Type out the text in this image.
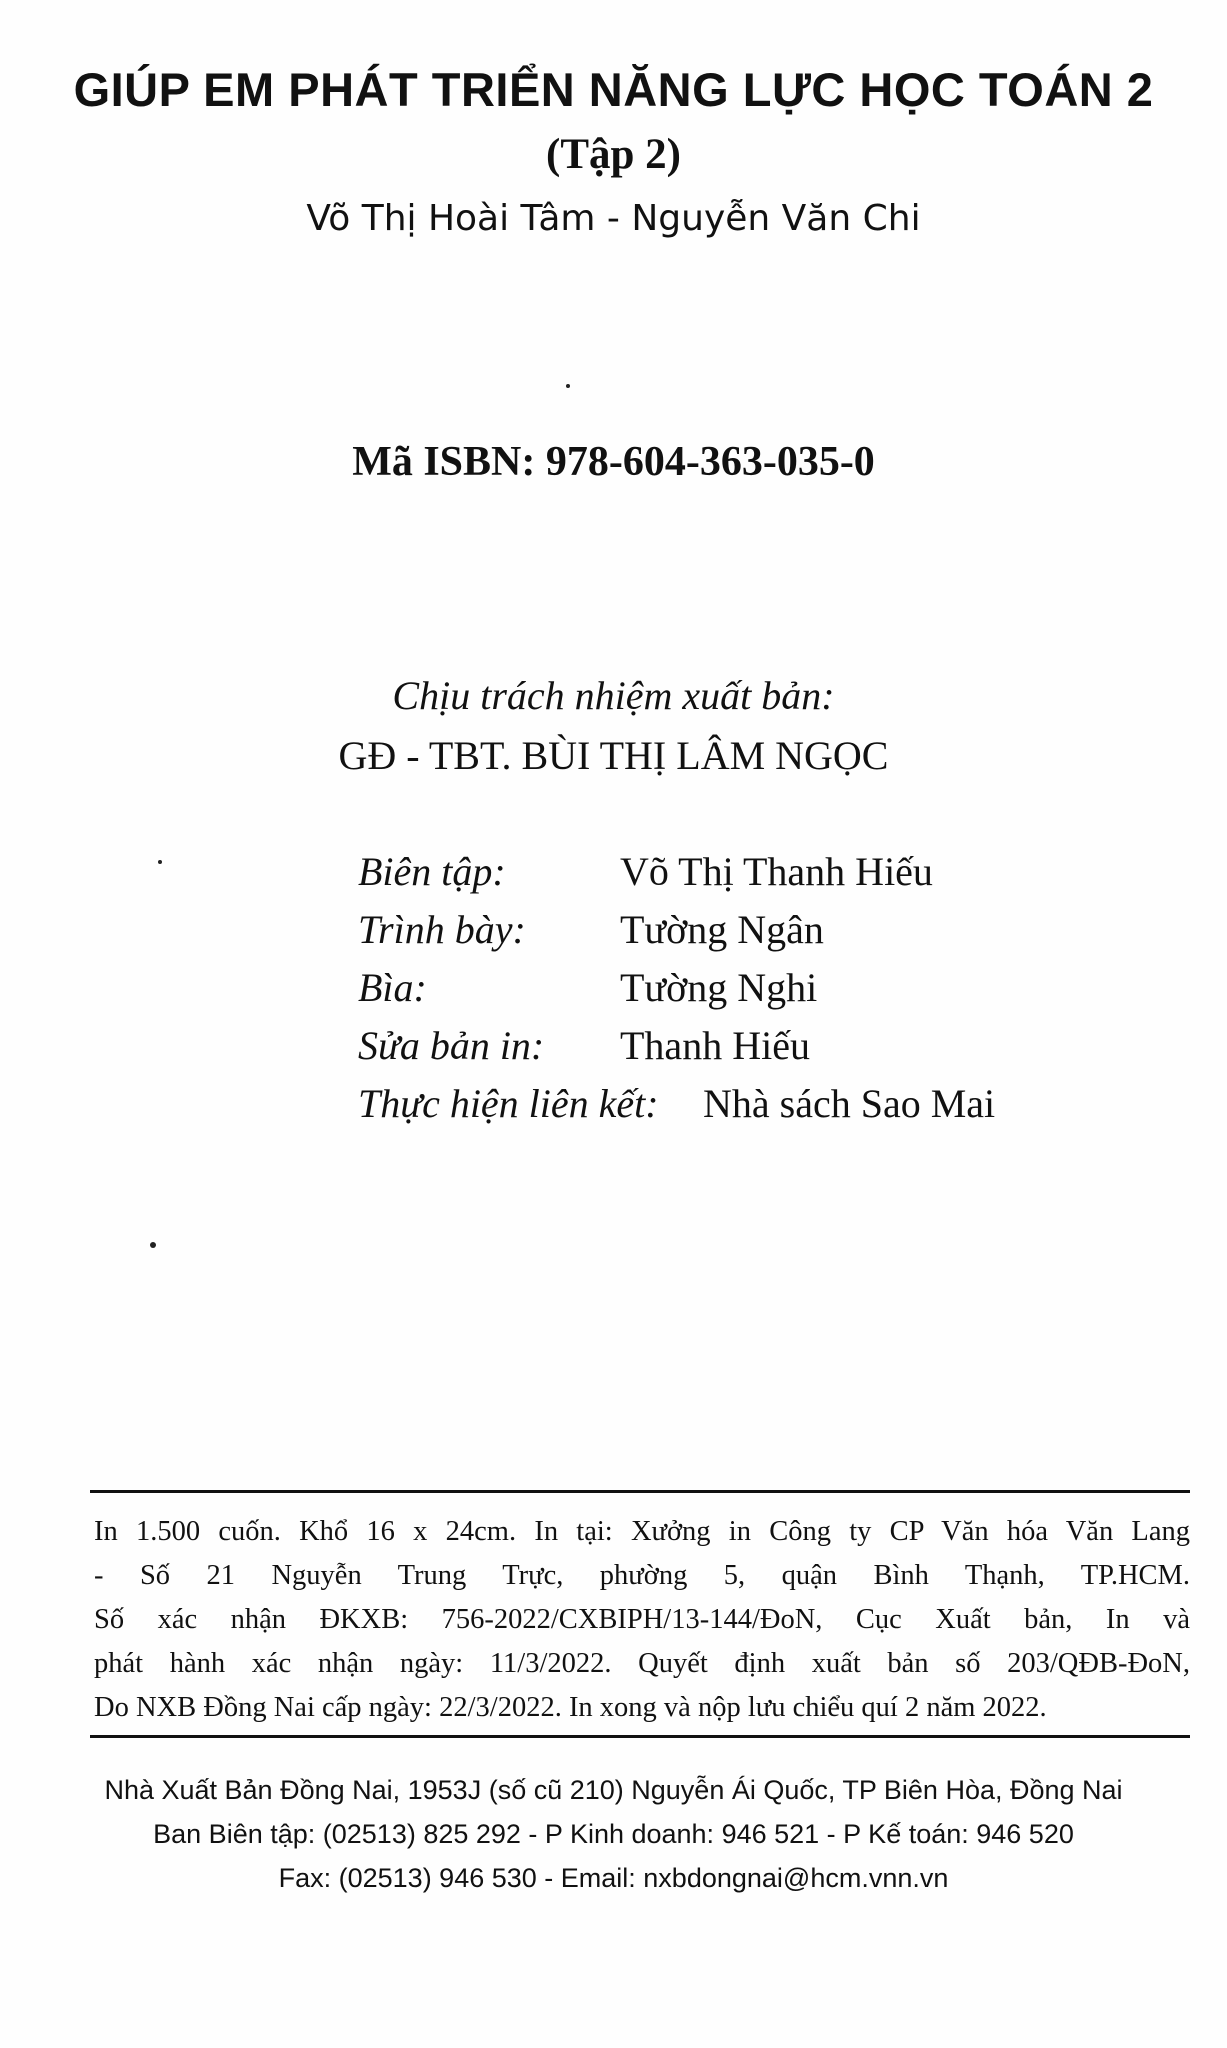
GIÚP EM PHÁT TRIỂN NĂNG LỰC HỌC TOÁN 2
(Tập 2)
Võ Thị Hoài Tâm - Nguyễn Văn Chi
Mã ISBN: 978-604-363-035-0
Chịu trách nhiệm xuất bản:
GĐ - TBT. BÙI THỊ LÂM NGỌC
Biên tập:	Võ Thị Thanh Hiếu
Trình bày: Tường Ngân
Bìa:	Tường Nghi
Sửa bản in: Thanh Hiếu
Thực hiện liên kết: Nhà sách Sao Mai
In 1.500 cuốn. Khổ 16 x 24cm. In tại: Xưởng in Công ty CP Văn hóa Văn Lang
- Số 21 Nguyễn Trung Trực, phường 5, quận Bình Thạnh, TP.HCM.
Số xác nhận ĐKXB: 756-2022/CXBIPH/13-144/ĐoN, Cục Xuất bản, In và
phát hành xác nhận ngày: 11/3/2022. Quyết định xuất bản số 203/QĐB-ĐoN,
Do NXB Đồng Nai cấp ngày: 22/3/2022. In xong và nộp lưu chiểu quí 2 năm 2022.
Nhà Xuất Bản Đồng Nai, 1953J (số cũ 210) Nguyễn Ái Quốc, TP Biên Hòa, Đồng Nai
Ban Biên tập: (02513) 825 292 - P Kinh doanh: 946 521 - P Kế toán: 946 520
Fax: (02513) 946 530 - Email: nxbdongnai@hcm.vnn.vn
